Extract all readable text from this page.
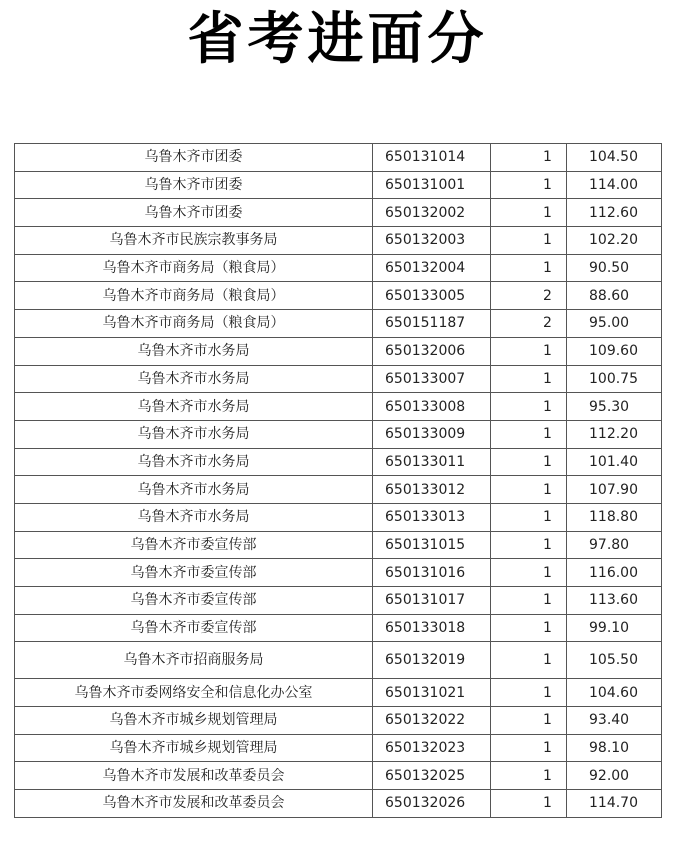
省考进面分
乌鲁木齐市团委	650131014	1	104.50
乌鲁木齐市团委	650131001	1	114.00
乌鲁木齐市团委	650132002	1	112.60
乌鲁木齐市民族宗教事务局	650132003	1	102.20
乌鲁木齐市商务局（粮食局）	650132004	1	90.50
乌鲁木齐市商务局（粮食局）	650133005	2	88.60
乌鲁木齐市商务局（粮食局）	650151187	2	95.00
乌鲁木齐市水务局	650132006	1	109.60
乌鲁木齐市水务局	650133007	1	100.75
乌鲁木齐市水务局	650133008	1	95.30
乌鲁木齐市水务局	650133009	1	112.20
乌鲁木齐市水务局	650133011	1	101.40
乌鲁木齐市水务局	650133012	1	107.90
乌鲁木齐市水务局	650133013	1	118.80
乌鲁木齐市委宣传部	650131015	1	97.80
乌鲁木齐市委宣传部	650131016	1	116.00
乌鲁木齐市委宣传部	650131017	1	113.60
乌鲁木齐市委宣传部	650133018	1	99.10
乌鲁木齐市招商服务局	650132019	1	105.50
乌鲁木齐市委网络安全和信息化办公室	650131021	1	104.60
乌鲁木齐市城乡规划管理局	650132022	1	93.40
乌鲁木齐市城乡规划管理局	650132023	1	98.10
乌鲁木齐市发展和改革委员会	650132025	1	92.00
乌鲁木齐市发展和改革委员会	650132026	1	114.70
